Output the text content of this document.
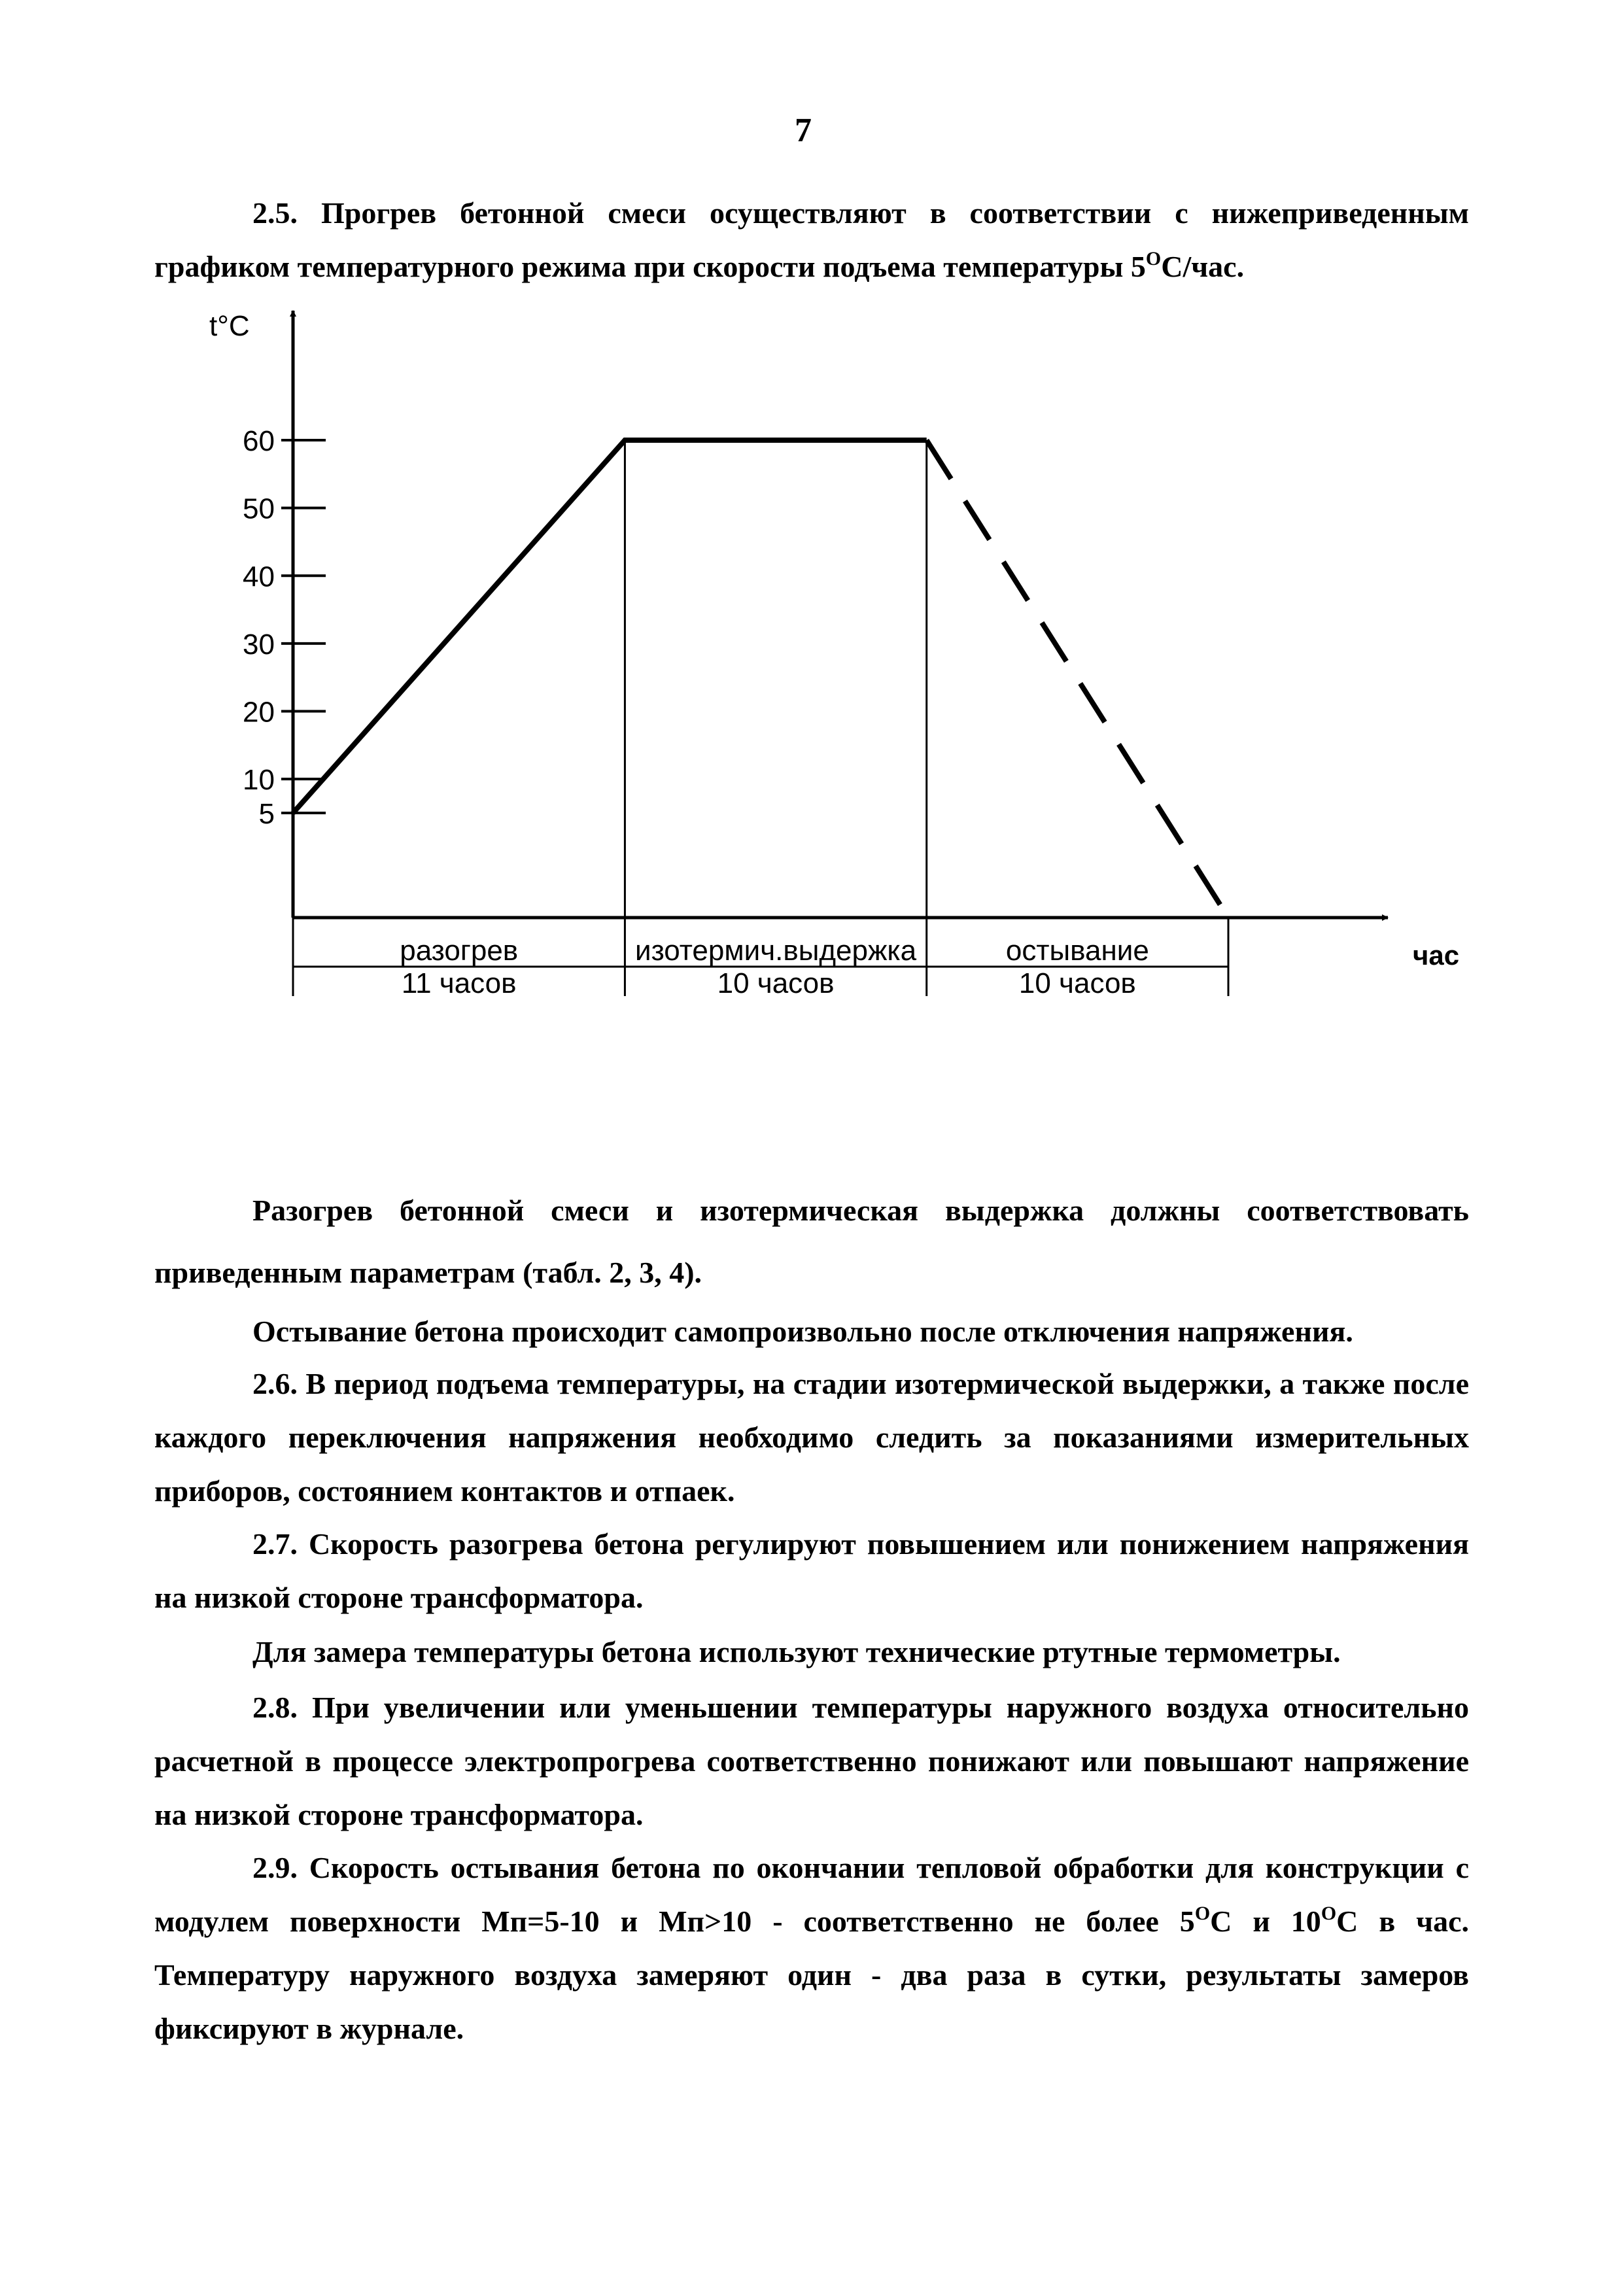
7
2.5. Прогрев бетонной смеси осуществляют в соответствии с нижеприведенным
графиком температурного режима при скорости подъема температуры $5^ОС$/час.
t°C
час
5
10
20
30
40
50
60
разогрев
11 часов
изотермич.выдержка
10 часов
остывание
10 часов
Разогрев бетонной смеси и изотермическая выдержка должны соответствовать
приведенным параметрам (табл. 2, 3, 4).
Остывание бетона происходит самопроизвольно после отключения напряжения.
2.6. В период подъема температуры, на стадии изотермической выдержки, а также после каждого переключения напряжения необходимо следить за показаниями измерительных приборов, состоянием контактов и отпаек.
2.7. Скорость разогрева бетона регулируют повышением или понижением напряжения на низкой стороне трансформатора.
Для замера температуры бетона используют технические ртутные термометры.
2.8. При увеличении или уменьшении температуры наружного воздуха относительно расчетной в процессе электропрогрева соответственно понижают или повышают напряжение на низкой стороне трансформатора.
2.9. Скорость остывания бетона по окончании тепловой обработки для конструкции с модулем поверхности Мп=5-10 и Мп>10 - соответственно не более $5^ОС$ и $10^ОС$ в час. Температуру наружного воздуха замеряют один - два раза в сутки, результаты замеров фиксируют в журнале.
